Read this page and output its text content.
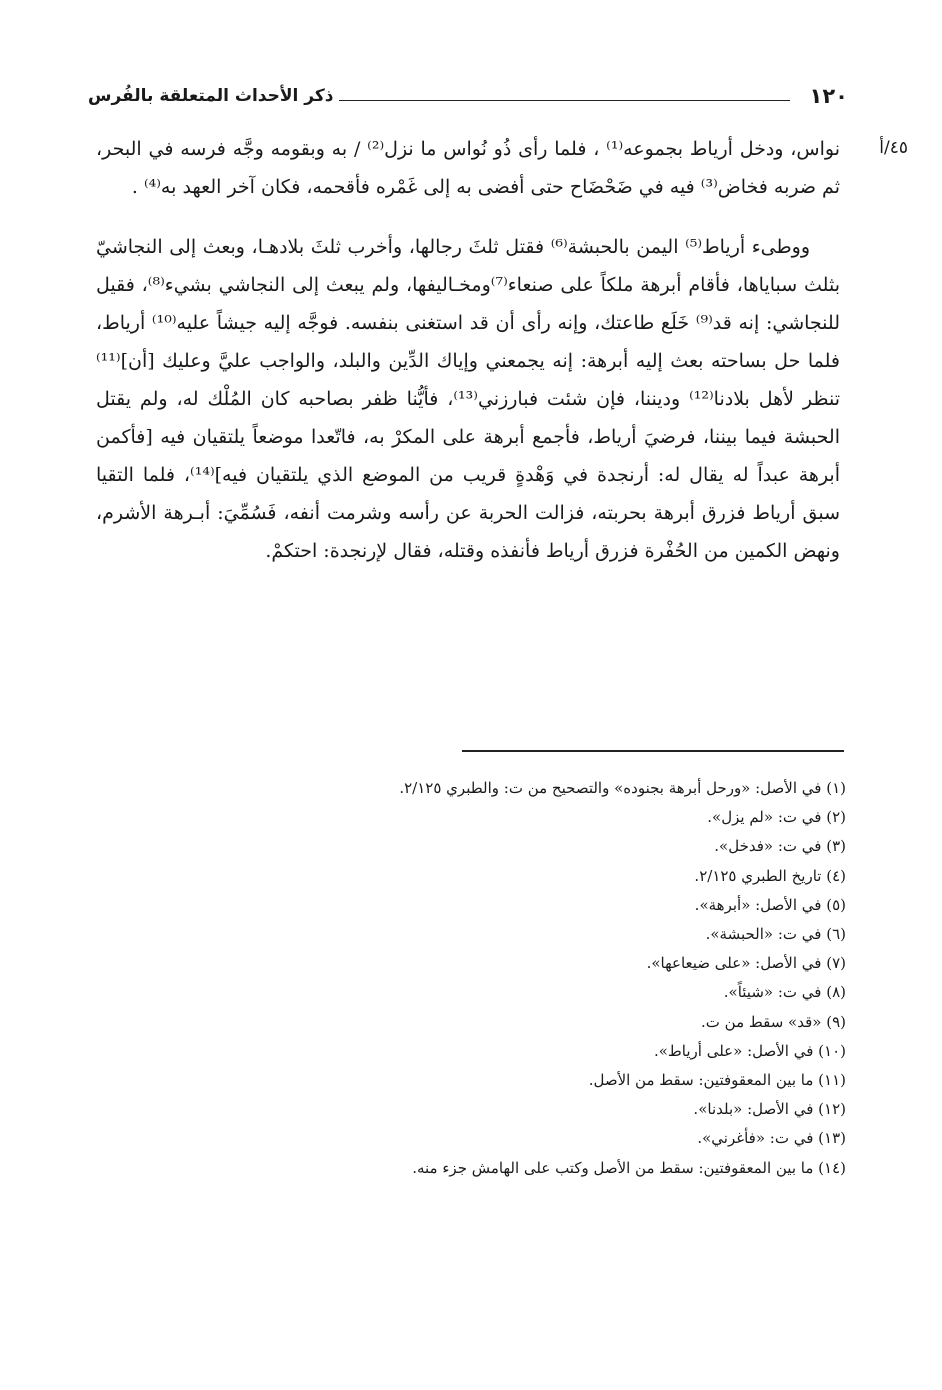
١٢٠
ذكر الأحداث المتعلقة بالفُرس
٤٥/أ

نواس، ودخل أرياط بجموعه⁽¹⁾ ، فلما رأى ذُو نُواس ما نزل⁽²⁾ / به وبقومه وجَّه فرسه في البحر، ثم ضربه فخاض⁽³⁾ فيه في ضَحْضَاح حتى أفضى به إلى غَمْره فأقحمه، فكان آخر العهد به⁽⁴⁾ .

ووطىء أرياط⁽⁵⁾ اليمن بالحبشة⁽⁶⁾ فقتل ثلثَ رجالها، وأخرب ثلثَ بلادهـا، وبعث إلى النجاشيّ بثلث سباياها، فأقام أبرهة ملكاً على صنعاء⁽⁷⁾ومخـاليفها، ولم يبعث إلى النجاشي بشيء⁽⁸⁾، فقيل للنجاشي: إنه قد⁽⁹⁾ خَلَع طاعتك، وإنه رأى أن قد استغنى بنفسه. فوجَّه إليه جيشاً عليه⁽¹⁰⁾ أرياط، فلما حل بساحته بعث إليه أبرهة: إنه يجمعني وإياك الدِّين والبلد، والواجب عليَّ وعليك [أن]⁽¹¹⁾ تنظر لأهل بلادنا⁽¹²⁾ وديننا، فإن شئت فبارزني⁽¹³⁾، فأيُّنا ظفر بصاحبه كان المُلْك له، ولم يقتل الحبشة فيما بيننا، فرضيَ أرياط، فأجمع أبرهة على المكرْ به، فاتّعدا موضعاً يلتقيان فيه [فأكمن أبرهة عبداً له يقال له: أرنجدة في وَهْدةٍ قريب من الموضع الذي يلتقيان فيه]⁽¹⁴⁾، فلما التقيا سبق أرياط فزرق أبرهة بحربته، فزالت الحربة عن رأسه وشرمت أنفه، فَسُمِّيَ: أبـرهة الأشرم، ونهض الكمين من الحُفْرة فزرق أرياط فأنفذه وقتله، فقال لإرنجدة: احتكمْ.

(١) في الأصل: «ورحل أبرهة بجنوده» والتصحيح من ت: والطبري ٢/١٢٥.
(٢) في ت: «لم يزل».
(٣) في ت: «فدخل».
(٤) تاريخ الطبري ٢/١٢٥.
(٥) في الأصل: «أبرهة».
(٦) في ت: «الحبشة».
(٧) في الأصل: «على ضيعاعها».
(٨) في ت: «شيئاً».
(٩) «قد» سقط من ت.
(١٠) في الأصل: «على أرياط».
(١١) ما بين المعقوفتين: سقط من الأصل.
(١٢) في الأصل: «بلدنا».
(١٣) في ت: «فأغرني».
(١٤) ما بين المعقوفتين: سقط من الأصل وكتب على الهامش جزء منه.
